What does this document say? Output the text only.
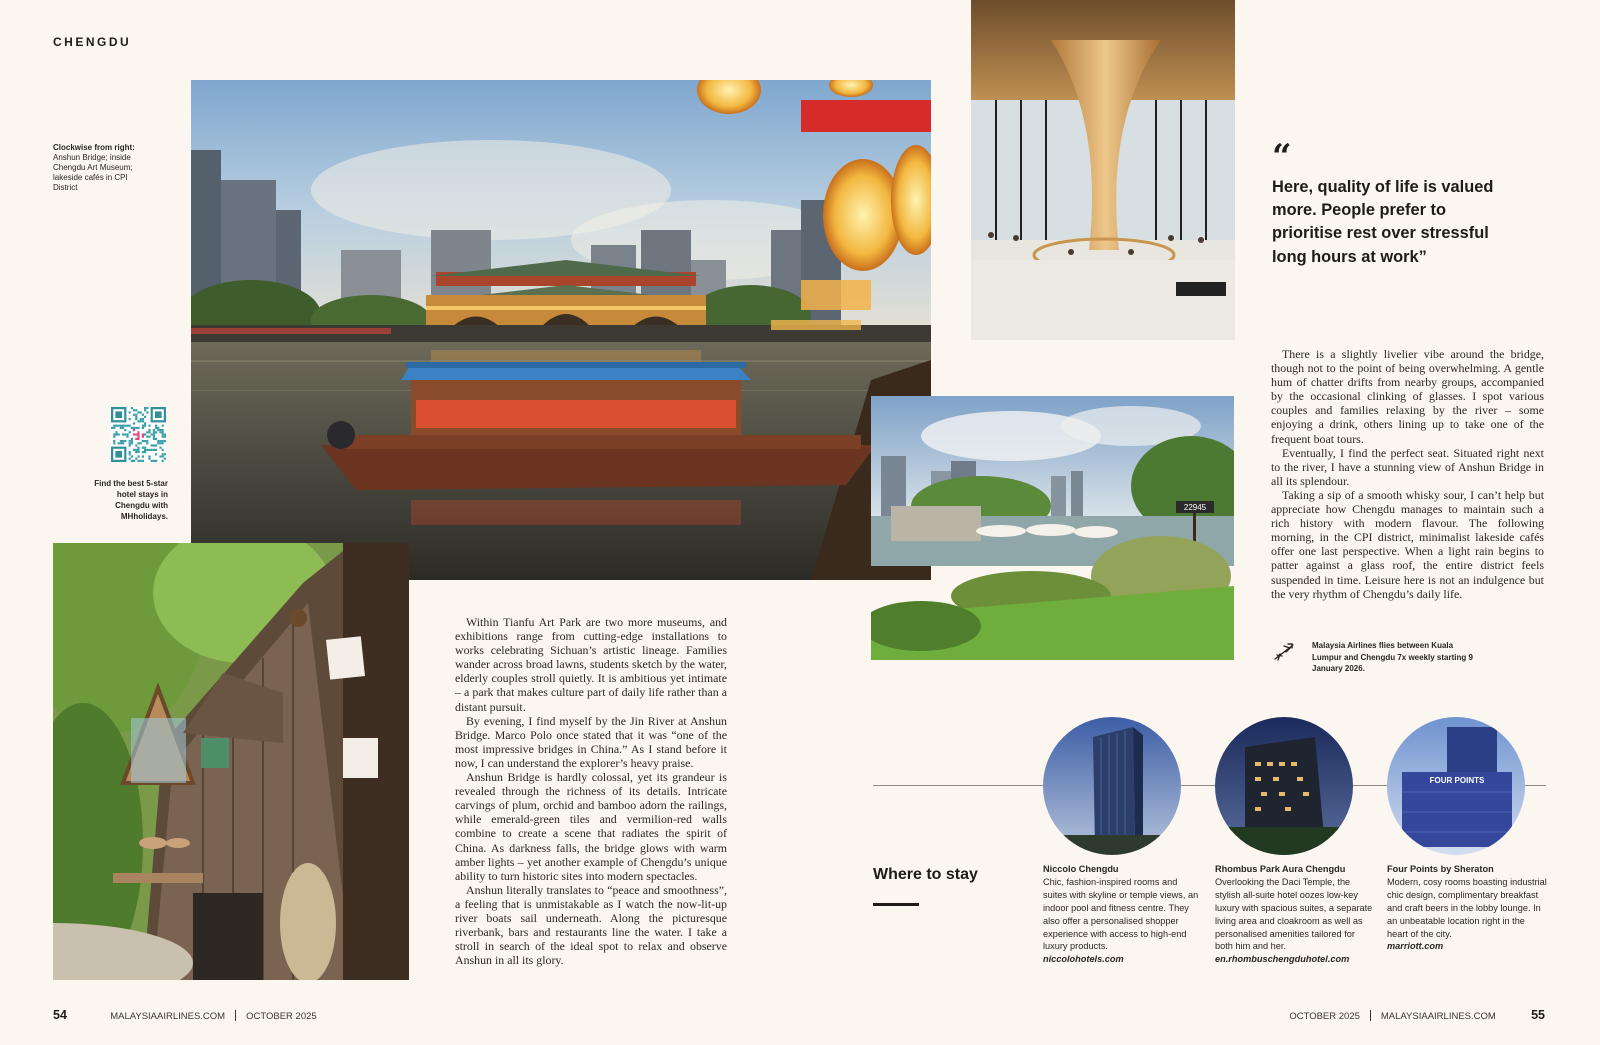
CHENGDU
Clockwise from right:
Anshun Bridge; inside Chengdu Art Museum; lakeside cafés in CPI District
Find the best 5-star hotel stays in Chengdu with MHholidays.
22945

Within Tianfu Art Park are two more museums, and exhibitions range from cutting-edge installations to works celebrating Sichuan’s artistic lineage. Families wander across broad lawns, students sketch by the water, elderly couples stroll quietly. It is ambitious yet intimate – a park that makes culture part of daily life rather than a distant pursuit.

By evening, I find myself by the Jin River at Anshun Bridge. Marco Polo once stated that it was “one of the most impressive bridges in China.” As I stand before it now, I can understand the explorer’s heavy praise.

Anshun Bridge is hardly colossal, yet its grandeur is revealed through the richness of its details. Intricate carvings of plum, orchid and bamboo adorn the railings, while emerald-green tiles and vermilion-red walls combine to create a scene that radiates the spirit of China. As darkness falls, the bridge glows with warm amber lights – yet another example of Chengdu’s unique ability to turn historic sites into modern spectacles.

Anshun literally translates to “peace and smoothness”, a feeling that is unmistakable as I watch the now-lit-up river boats sail underneath. Along the picturesque riverbank, bars and restaurants line the water. I take a stroll in search of the ideal spot to relax and observe Anshun in all its glory.

“
Here, quality of life is valued more. People prefer to prioritise rest over stressful long hours at work”

There is a slightly livelier vibe around the bridge, though not to the point of being overwhelming. A gentle hum of chatter drifts from nearby groups, accompanied by the occasional clinking of glasses. I spot various couples and families relaxing by the river – some enjoying a drink, others lining up to take one of the frequent boat tours.

Eventually, I find the perfect seat. Situated right next to the river, I have a stunning view of Anshun Bridge in all its splendour.

Taking a sip of a smooth whisky sour, I can’t help but appreciate how Chengdu manages to maintain such a rich history with modern flavour. The following morning, in the CPI district, minimalist lakeside cafés offer one last perspective. When a light rain begins to patter against a glass roof, the entire district feels suspended in time. Leisure here is not an indulgence but the very rhythm of Chengdu’s daily life.

Malaysia Airlines flies between Kuala Lumpur and Chengdu 7x weekly starting 9 January 2026.
Where to stay
FOUR POINTS
Niccolo Chengdu
Chic, fashion-inspired rooms and suites with skyline or temple views, an indoor pool and fitness centre. They also offer a personalised shopper experience with access to high-end luxury products.
niccolohotels.com
Rhombus Park Aura Chengdu
Overlooking the Daci Temple, the stylish all-suite hotel oozes low-key luxury with spacious suites, a separate living area and cloakroom as well as personalised amenities tailored for both him and her.
en.rhombuschengduhotel.com
Four Points by Sheraton
Modern, cosy rooms boasting industrial chic design, complimentary breakfast and craft beers in the lobby lounge. In an unbeatable location right in the heart of the city.
marriott.com
54	MALAYSIAAIRLINES.COM OCTOBER 2025	OCTOBER 2025 MALAYSIAAIRLINES.COM	55
